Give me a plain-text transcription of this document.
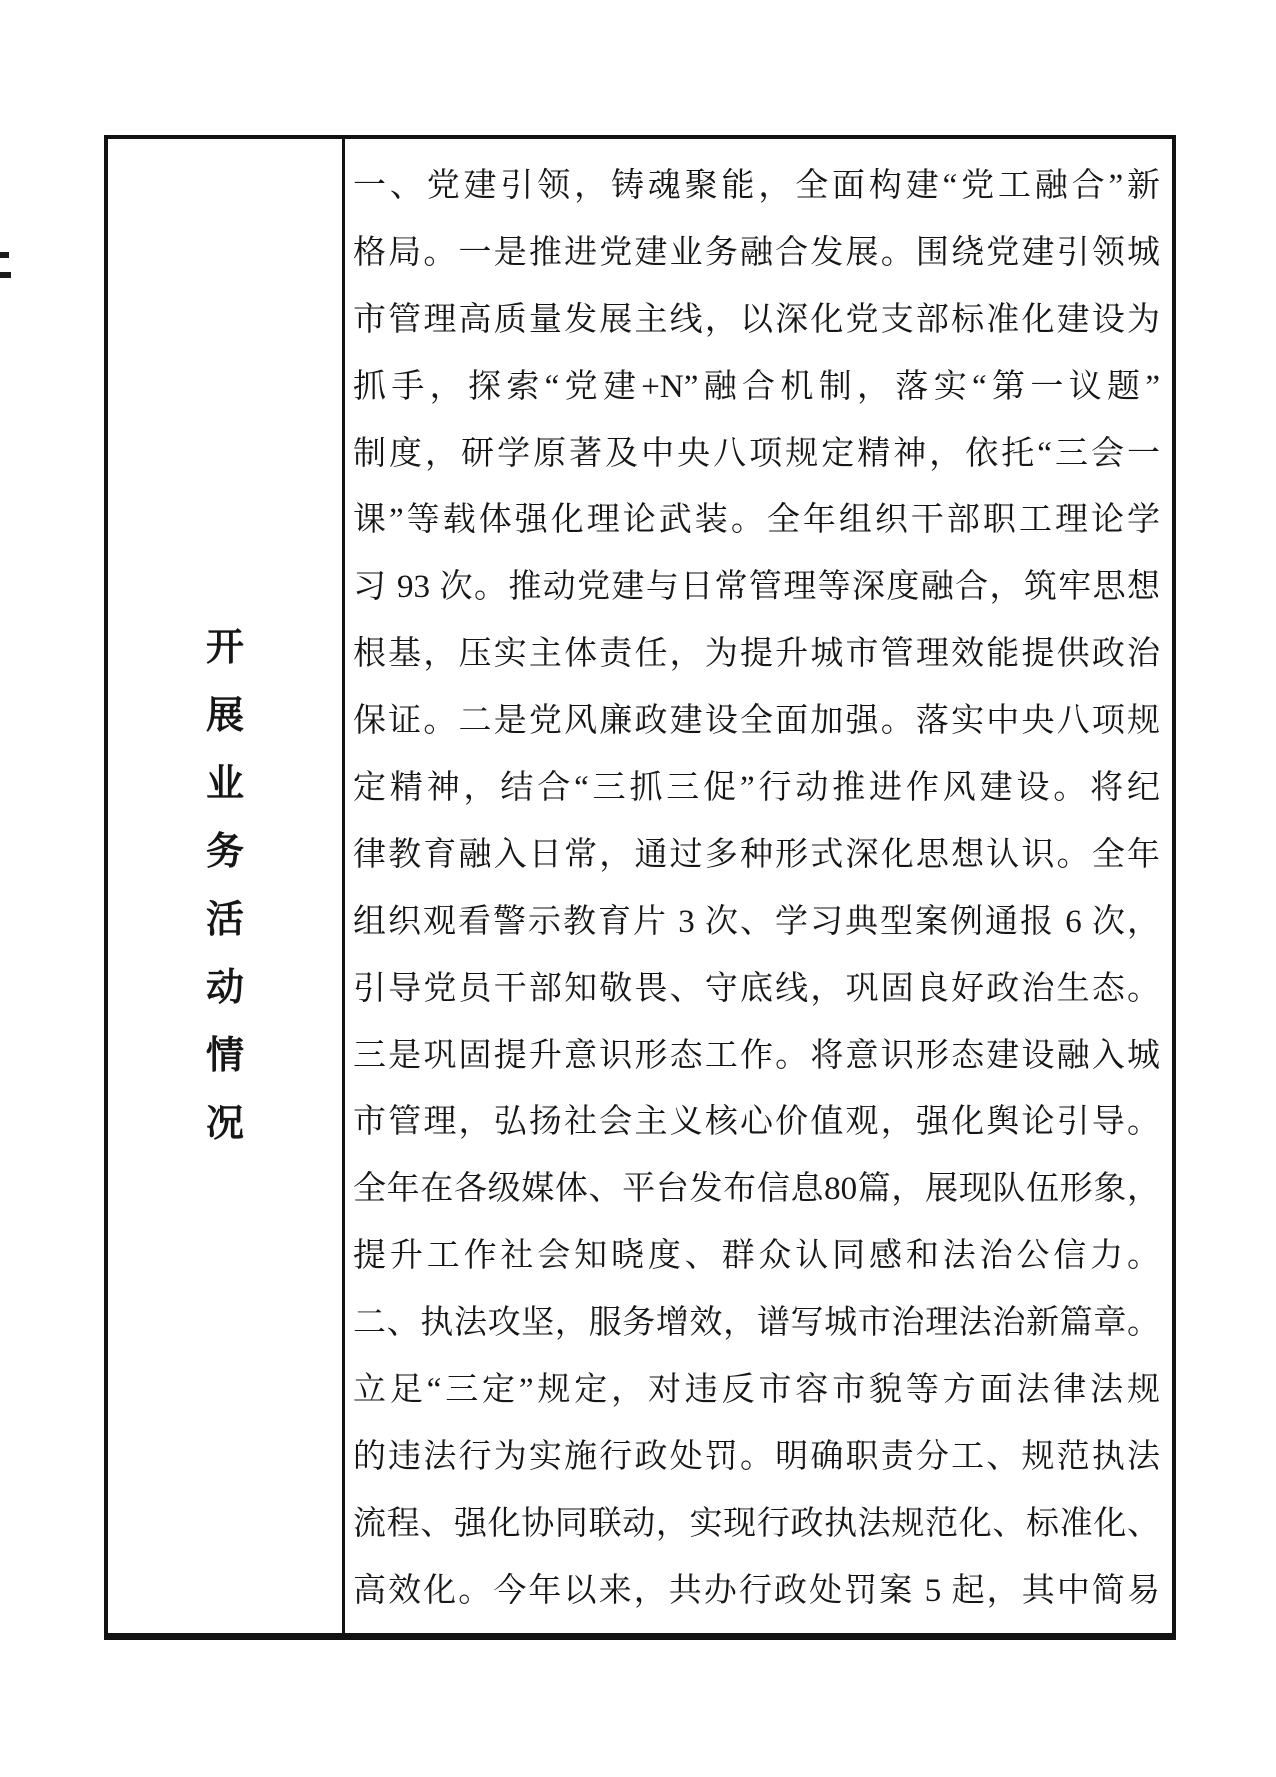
开
展
业
务
活
动
情
况
一、党建引领，铸魂聚能，全面构建“党工融合”新
格局。一是推进党建业务融合发展。围绕党建引领城
市管理高质量发展主线，以深化党支部标准化建设为
抓手，探索“党建+N”融合机制，落实“第一议题”
制度，研学原著及中央八项规定精神，依托“三会一
课”等载体强化理论武装。全年组织干部职工理论学
习 93 次。推动党建与日常管理等深度融合，筑牢思想
根基，压实主体责任，为提升城市管理效能提供政治
保证。二是党风廉政建设全面加强。落实中央八项规
定精神，结合“三抓三促”行动推进作风建设。将纪
律教育融入日常，通过多种形式深化思想认识。全年
组织观看警示教育片 3 次、学习典型案例通报 6 次，
引导党员干部知敬畏、守底线，巩固良好政治生态。
三是巩固提升意识形态工作。将意识形态建设融入城
市管理，弘扬社会主义核心价值观，强化舆论引导。
全年在各级媒体、平台发布信息80篇，展现队伍形象，
提升工作社会知晓度、群众认同感和法治公信力。
二、执法攻坚，服务增效，谱写城市治理法治新篇章。
立足“三定”规定，对违反市容市貌等方面法律法规
的违法行为实施行政处罚。明确职责分工、规范执法
流程、强化协同联动，实现行政执法规范化、标准化、
高效化。今年以来，共办行政处罚案 5 起，其中简易
